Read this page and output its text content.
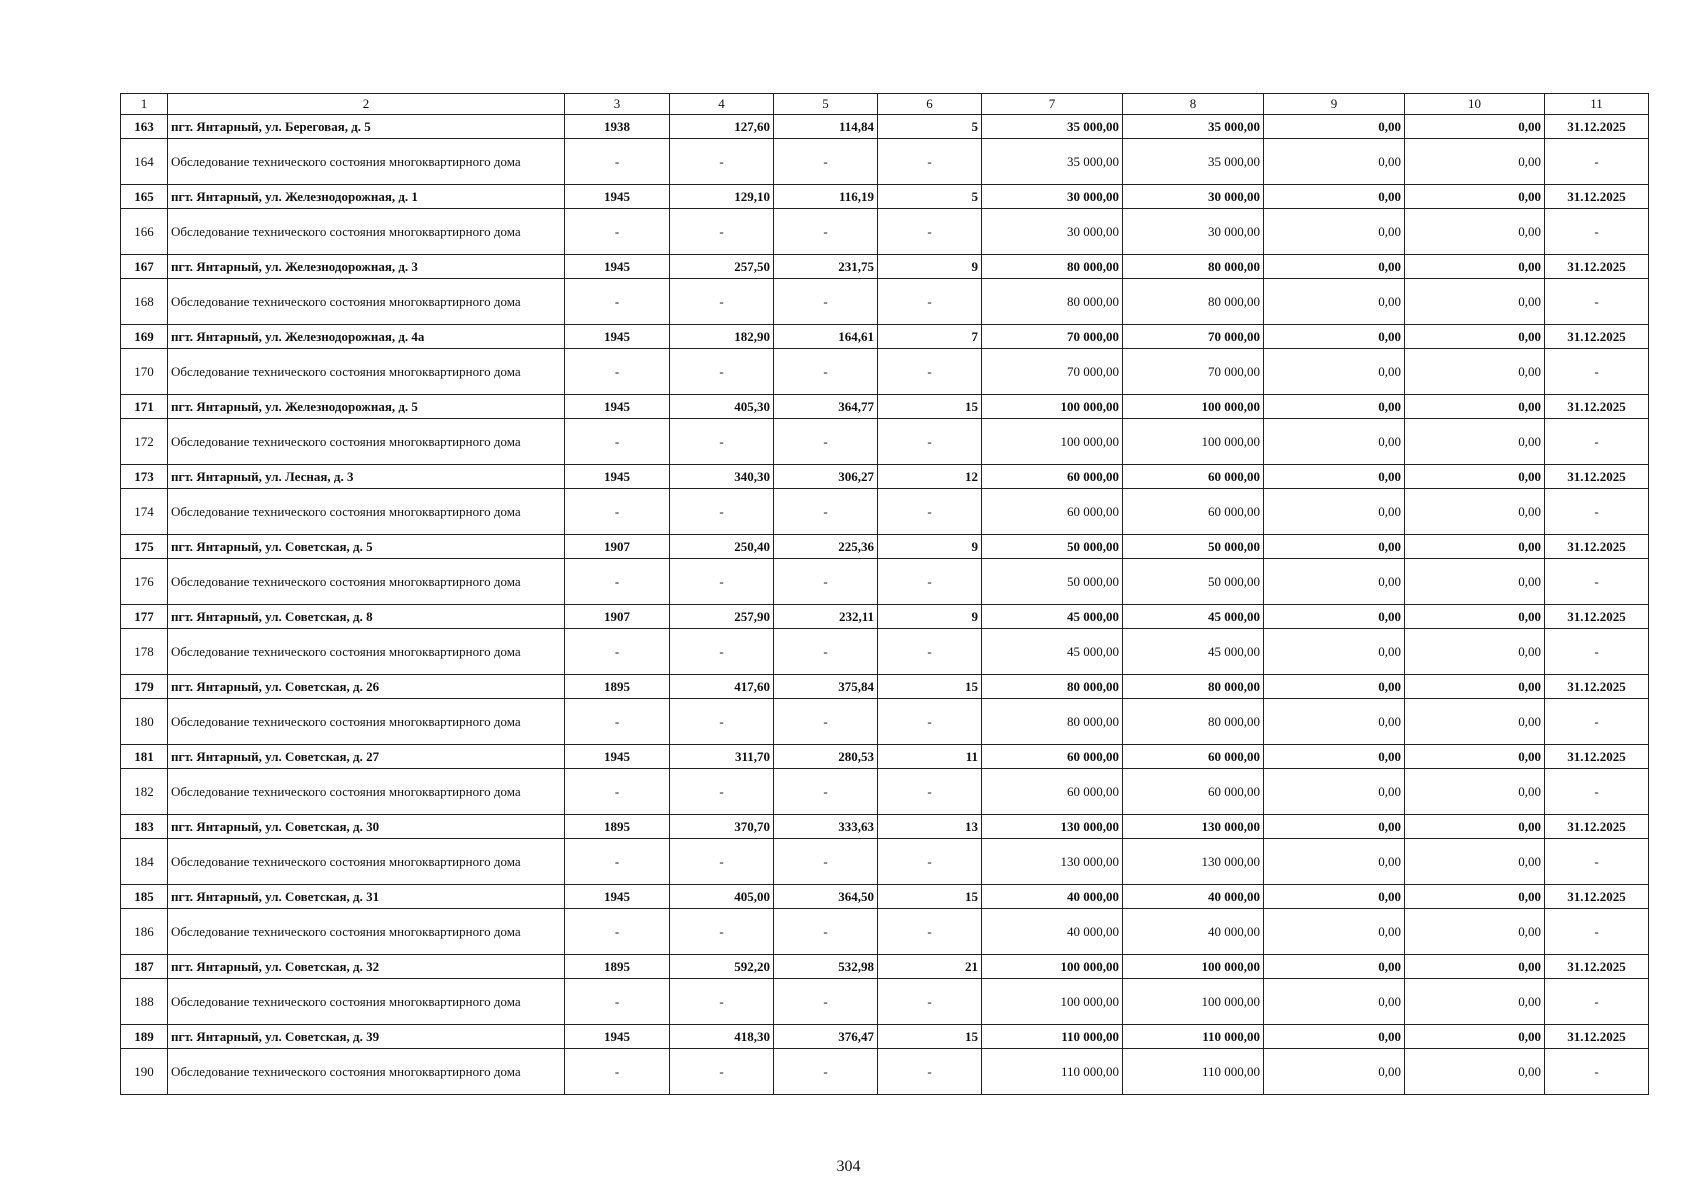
1	2	3	4	5	6	7	8	9	10	11
163	пгт. Янтарный, ул. Береговая, д. 5	1938	127,60	114,84	5	35 000,00	35 000,00	0,00	0,00	31.12.2025
164	Обследование технического состояния многоквартирного дома	-	-	-	-	35 000,00	35 000,00	0,00	0,00	-
165	пгт. Янтарный, ул. Железнодорожная, д. 1	1945	129,10	116,19	5	30 000,00	30 000,00	0,00	0,00	31.12.2025
166	Обследование технического состояния многоквартирного дома	-	-	-	-	30 000,00	30 000,00	0,00	0,00	-
167	пгт. Янтарный, ул. Железнодорожная, д. 3	1945	257,50	231,75	9	80 000,00	80 000,00	0,00	0,00	31.12.2025
168	Обследование технического состояния многоквартирного дома	-	-	-	-	80 000,00	80 000,00	0,00	0,00	-
169	пгт. Янтарный, ул. Железнодорожная, д. 4а	1945	182,90	164,61	7	70 000,00	70 000,00	0,00	0,00	31.12.2025
170	Обследование технического состояния многоквартирного дома	-	-	-	-	70 000,00	70 000,00	0,00	0,00	-
171	пгт. Янтарный, ул. Железнодорожная, д. 5	1945	405,30	364,77	15	100 000,00	100 000,00	0,00	0,00	31.12.2025
172	Обследование технического состояния многоквартирного дома	-	-	-	-	100 000,00	100 000,00	0,00	0,00	-
173	пгт. Янтарный, ул. Лесная, д. 3	1945	340,30	306,27	12	60 000,00	60 000,00	0,00	0,00	31.12.2025
174	Обследование технического состояния многоквартирного дома	-	-	-	-	60 000,00	60 000,00	0,00	0,00	-
175	пгт. Янтарный, ул. Советская, д. 5	1907	250,40	225,36	9	50 000,00	50 000,00	0,00	0,00	31.12.2025
176	Обследование технического состояния многоквартирного дома	-	-	-	-	50 000,00	50 000,00	0,00	0,00	-
177	пгт. Янтарный, ул. Советская, д. 8	1907	257,90	232,11	9	45 000,00	45 000,00	0,00	0,00	31.12.2025
178	Обследование технического состояния многоквартирного дома	-	-	-	-	45 000,00	45 000,00	0,00	0,00	-
179	пгт. Янтарный, ул. Советская, д. 26	1895	417,60	375,84	15	80 000,00	80 000,00	0,00	0,00	31.12.2025
180	Обследование технического состояния многоквартирного дома	-	-	-	-	80 000,00	80 000,00	0,00	0,00	-
181	пгт. Янтарный, ул. Советская, д. 27	1945	311,70	280,53	11	60 000,00	60 000,00	0,00	0,00	31.12.2025
182	Обследование технического состояния многоквартирного дома	-	-	-	-	60 000,00	60 000,00	0,00	0,00	-
183	пгт. Янтарный, ул. Советская, д. 30	1895	370,70	333,63	13	130 000,00	130 000,00	0,00	0,00	31.12.2025
184	Обследование технического состояния многоквартирного дома	-	-	-	-	130 000,00	130 000,00	0,00	0,00	-
185	пгт. Янтарный, ул. Советская, д. 31	1945	405,00	364,50	15	40 000,00	40 000,00	0,00	0,00	31.12.2025
186	Обследование технического состояния многоквартирного дома	-	-	-	-	40 000,00	40 000,00	0,00	0,00	-
187	пгт. Янтарный, ул. Советская, д. 32	1895	592,20	532,98	21	100 000,00	100 000,00	0,00	0,00	31.12.2025
188	Обследование технического состояния многоквартирного дома	-	-	-	-	100 000,00	100 000,00	0,00	0,00	-
189	пгт. Янтарный, ул. Советская, д. 39	1945	418,30	376,47	15	110 000,00	110 000,00	0,00	0,00	31.12.2025
190	Обследование технического состояния многоквартирного дома	-	-	-	-	110 000,00	110 000,00	0,00	0,00	-
304
